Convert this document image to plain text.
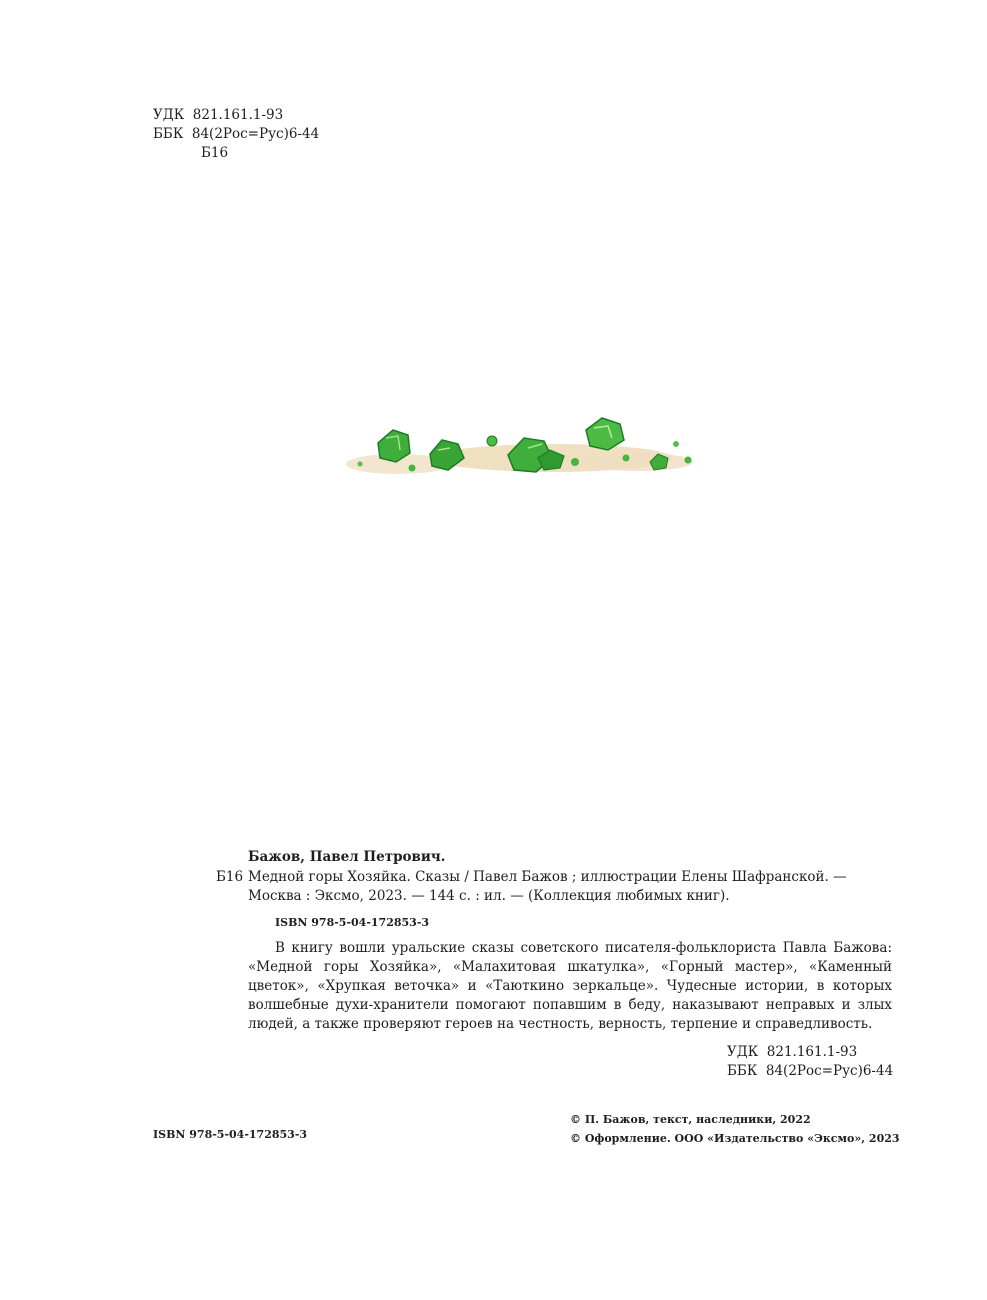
УДК  821.161.1-93
ББК  84(2Рос=Рус)6-44
Б16
Бажов, Павел Петрович.
Б16 Медной горы Хозяйка. Сказы / Павел Бажов ; иллюстрации Елены Шафранской. —
Москва : Эксмо, 2023. — 144 с. : ил. — (Коллекция любимых книг).
ISBN 978-5-04-172853-3
В книгу вошли уральские сказы советского писателя-фольклориста Павла Бажова: «Медной горы Хозяйка», «Малахитовая шкатулка», «Горный мастер», «Каменный цветок», «Хрупкая веточка» и «Таюткино зеркальце». Чудесные истории, в которых волшебные духи-хранители помогают попавшим в беду, наказывают неправых и злых людей, а также проверяют героев на честность, верность, терпение и справедливость.
УДК  821.161.1-93
ББК  84(2Рос=Рус)6-44
ISBN 978-5-04-172853-3
© П. Бажов, текст, наследники, 2022
© Оформление. ООО «Издательство «Эксмо», 2023
